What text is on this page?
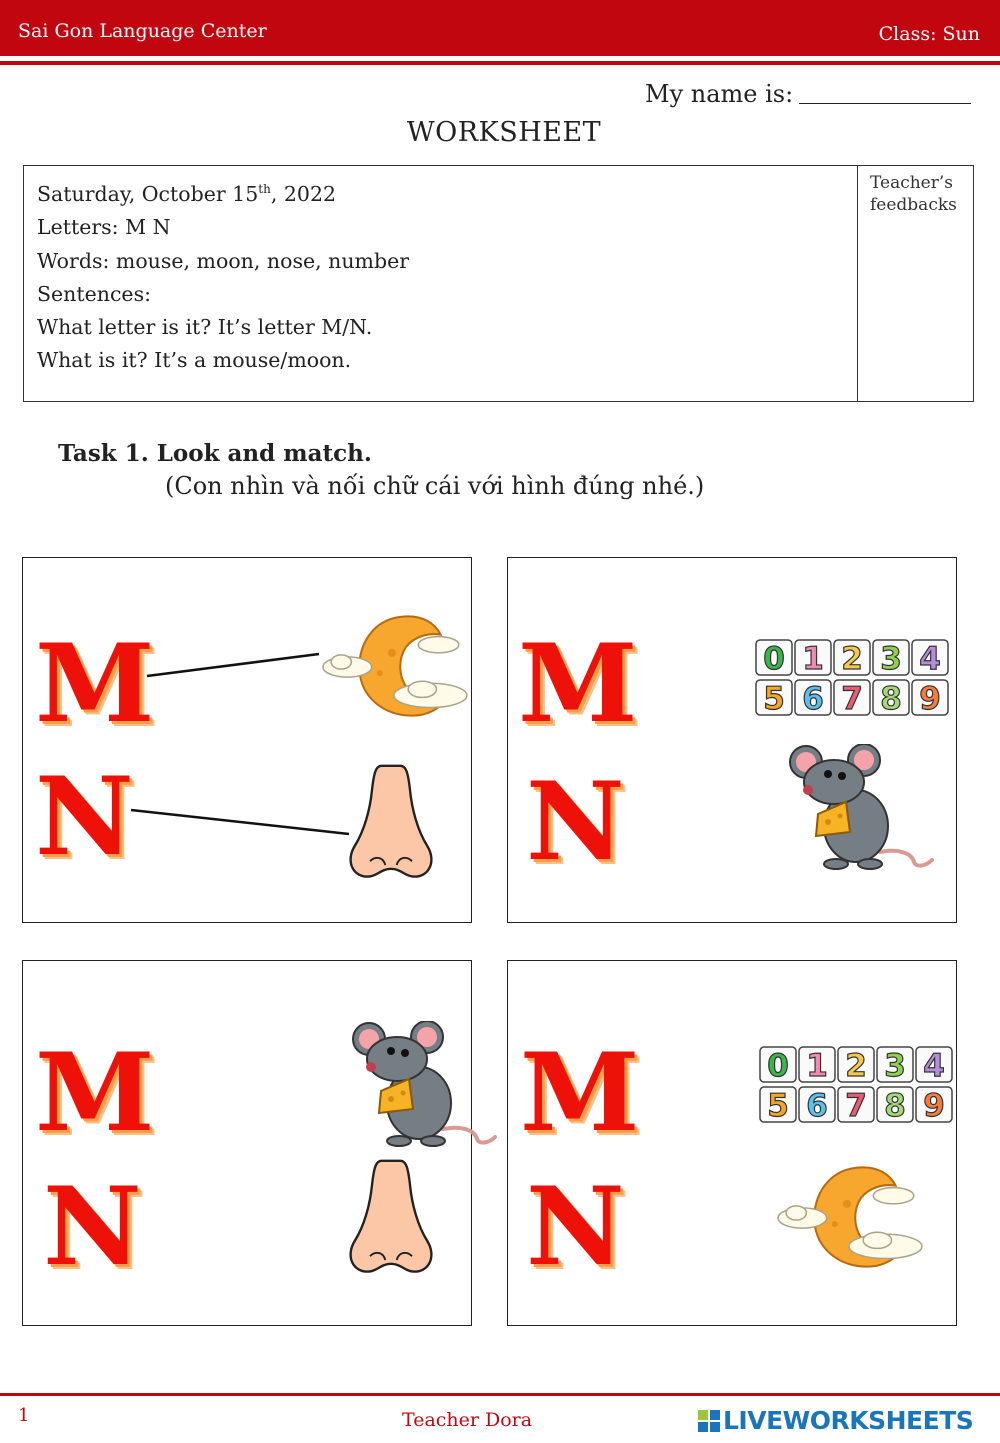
Sai Gon Language Center	Class: Sun
My name is:
WORKSHEET
Saturday, October 15th, 2022
Letters: M N
Words: mouse, moon, nose, number
Sentences:
What letter is it? It’s letter M/N.
What is it? It’s a mouse/moon.
Teacher’s
feedbacks
Task 1. Look and match.
(Con nhìn và nối chữ cái với hình đúng nhé.)
M
N
M
N
0 1 2 3 4
5 6 7 8 9
M
N
M
N
0 1 2 3 4
5 6 7 8 9
1	Teacher Dora	LIVEWORKSHEETS
